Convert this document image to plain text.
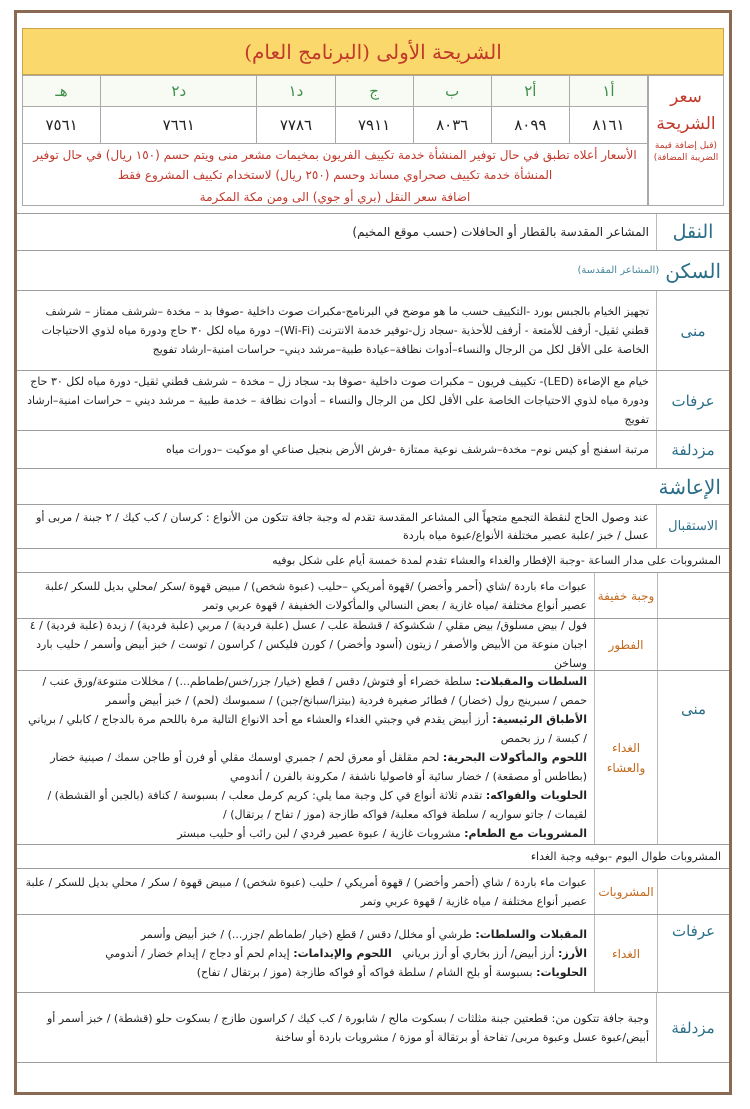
الشريحة الأولى (البرنامج العام)
سعر
الشريحة
(قبل إضافة قيمة الضريبة المضافة)
أ١
أ٢
ب
ج
د١
د٢
هـ
٨١٦١
٨٠٩٩
٨٠٣٦
٧٩١١
٧٧٨٦
٧٦٦١
٧٥٦١

الأسعار أعلاه تطبق في حال توفير المنشأة خدمة تكييف الفريون بمخيمات مشعر منى ويتم حسم (١٥٠ ريال) في حال توفير المنشأة خدمة تكييف صحراوي مساند وحسم (٢٥٠ ريال) لاستخدام تكييف المشروع فقط

اضافة سعر النقل (بري أو جوي) الى ومن مكة المكرمة

النقل
المشاعر المقدسة بالقطار أو الحافلات (حسب موقع المخيم)
السكن
(المشاعر المقدسة)
منى
تجهيز الخيام بالجبس بورد -التكييف حسب ما هو موضح في البرنامج-مكبرات صوت داخلية -صوفا بد – مخدة –شرشف ممتاز – شرشف قطني ثقيل- أرفف للأمتعة - أرفف للأحذية -سجاد زل-توفير خدمة الانترنت (Wi-Fi)– دورة مياه لكل ٣٠ حاج ودورة مياه لذوي الاحتياجات الخاصة على الأقل لكل من الرجال والنساء–أدوات نظافة–عيادة طبية–مرشد ديني– حراسات امنية–ارشاد تفويج
عرفات
خيام مع الإضاءة (LED)- تكييف فريون – مكبرات صوت داخلية -صوفا بد- سجاد زل – مخدة – شرشف قطني ثقيل- دورة مياه لكل ٣٠ حاج ودورة مياه لذوي الاحتياجات الخاصة على الأقل لكل من الرجال والنساء – أدوات نظافة – خدمة طبية – مرشد ديني – حراسات امنية–ارشاد تفويج
مزدلفة
مرتبة اسفنج أو كيس نوم– مخدة–شرشف نوعية ممتازة -فرش الأرض بنجيل صناعي او موكيت –دورات مياه
الإعاشة
الاستقبال
عند وصول الحاج لنقطة التجمع متجهاً الى المشاعر المقدسة تقدم له وجبة جافة تتكون من الأنواع : كرسان / كب كيك / ٢ جبنة / مربى أو عسل / خبز /علبة عصير مختلفة الأنواع/عبوة مياه باردة
منى
المشروبات على مدار الساعة -وجبة الإفطار والغداء والعشاء تقدم لمدة خمسة أيام على شكل بوفيه
وجبة خفيفة
عبوات ماء باردة /شاي (أحمر وأخضر) /قهوة أمريكي –حليب (عبوة شخص) / مبيض قهوة /سكر /محلي بديل للسكر /علبة عصير أنواع مختلفة /مياه غازية / بعض النسالي والمأكولات الخفيفة / قهوة عربي وتمر
الفطور
فول / بيض مسلوق/ بيض مقلي / شكشوكة / قشطة علب / عسل (علبة فردية) / مربي (علبة فردية) / زبدة (علبة فردية) / ٤ اجبان منوعة من الأبيض والأصفر / زيتون (أسود وأخضر) / كورن فليكس / كراسون / توست / خبز أبيض وأسمر / حليب بارد وساخن
الغداء والعشاء
السلطات والمقبلات: سلطة خضراء أو فتوش/ دقس / قطع (خيار/ جزر/خس/طماطم...) / مخللات متنوعة/ورق عنب / حمص / سبرينج رول (خضار) / فطائر صغيرة فردية (بيتزا/سبانخ/جبن) / سمبوسك (لحم) / خبز أبيض وأسمر
الأطباق الرئيسية: أرز أبيض يقدم في وجبتي الغداء والعشاء مع أحد الانواع التالية مرة باللحم مرة بالدجاج / كابلي / برياني / كبسة / رز بحمص
اللحوم والمأكولات البحرية: لحم مقلقل أو معرق لحم / جمبري اوسمك مقلي أو فرن أو طاجن سمك / صينية خضار (بطاطس أو مصقعة) / خضار سائية أو فاصوليا ناشفة / مكرونة بالفرن / أندومي
الحلويات والفواكه: تقدم ثلاثة أنواع في كل وجبة مما يلي: كريم كرمل معلب / بسبوسة / كنافة (بالجبن أو القشطة) / لقيمات / جاتو سواريه / سلطة فواكه معلبة/ فواكه طازجة (موز / تفاح / برتقال) /
المشروبات مع الطعام: مشروبات غازية / عبوة عصير فردي / لبن رائب أو حليب مبستر
عرفات
المشروبات طوال اليوم -بوفيه وجبة الغداء
المشروبات
عبوات ماء باردة / شاي (أحمر وأخضر) / قهوة أمريكي / حليب (عبوة شخص) / مبيض قهوة / سكر / محلي بديل للسكر / علبة عصير أنواع مختلفة / مياه غازية / قهوة عربي وتمر
الغداء
المقبلات والسلطات: طرشي أو مخلل/ دقس / قطع (خيار /طماطم /جزر...) / خبز أبيض وأسمر
الأرز: أرز أبيض/ أرز بخاري أو أرز برياني   اللحوم والإيدامات: إيدام لحم أو دجاج / إيدام خضار / أندومي
الحلويات: بسبوسة أو بلح الشام / سلطة فواكه أو فواكه طازجة (موز / برتقال / تفاح)
مزدلفة
وجبة جافة تتكون من: قطعتين جبنة مثلثات / بسكوت مالح / شابورة / كب كيك / كراسون طازج / بسكوت حلو (قشطة) / خبز أسمر أو أبيض/عبوة عسل وعبوة مربى/ تفاحة أو برتقالة أو موزة / مشروبات باردة أو ساخنة
